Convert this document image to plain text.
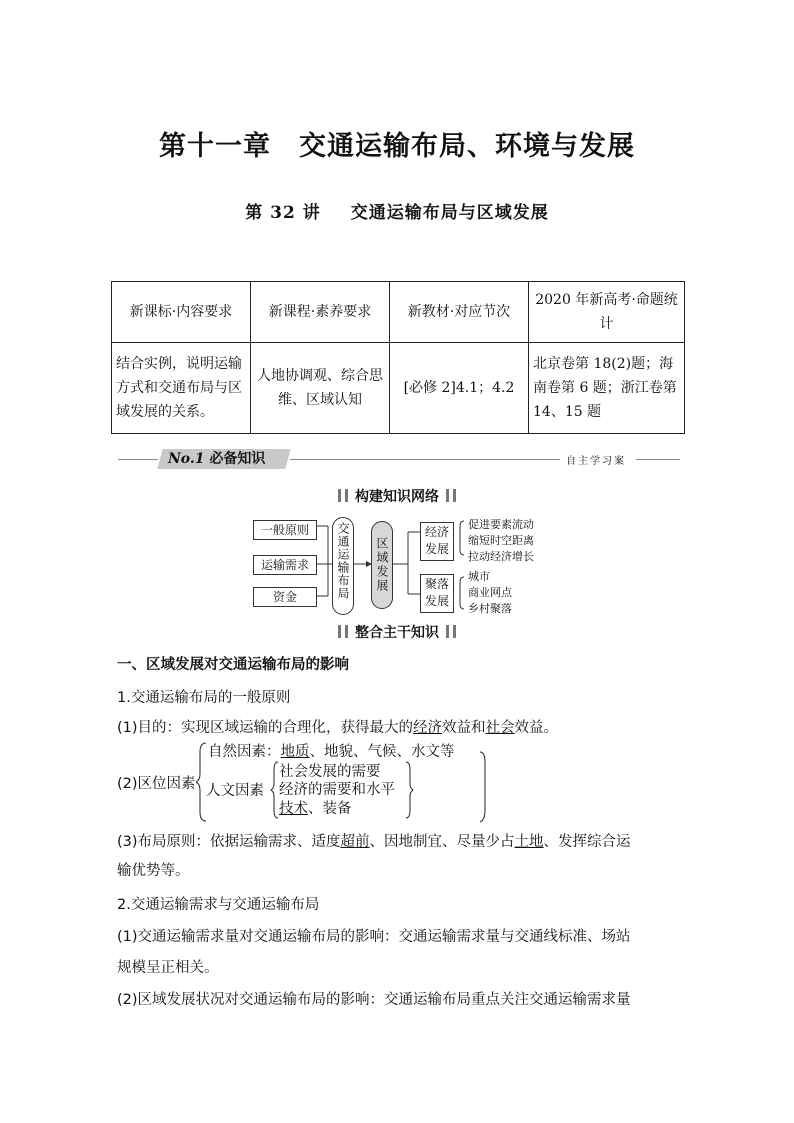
第十一章　交通运输布局、环境与发展
第 32 讲 交通运输布局与区域发展
新课标·内容要求	新课程·素养要求	新教材·对应节次	2020 年新高考·命题统计
结合实例，说明运输方式和交通布局与区域发展的关系。	人地协调观、综合思维、区域认知	[必修 2]4.1；4.2	北京卷第 18(2)题；海南卷第 6 题；浙江卷第 14、15 题
No.1 必备知识	自主学习案
构建知识网络
一般原则
运输需求
资金	交通运输布局 区域发展
经济发展
聚落发展
促进要素流动
缩短时空距离
拉动经济增长
城市
商业网点
乡村聚落
整合主干知识
一、区域发展对交通运输布局的影响
1.交通运输布局的一般原则
(1)目的：实现区域运输的合理化，获得最大的经济效益和社会效益。
(2)区位因素
自然因素：地质、地貌、气候、水文等
人文因素
社会发展的需要
经济的需要和水平
技术、装备
(3)布局原则：依据运输需求、适度超前、因地制宜、尽量少占土地、发挥综合运
输优势等。
2.交通运输需求与交通运输布局
(1)交通运输需求量对交通运输布局的影响：交通运输需求量与交通线标准、场站
规模呈正相关。
(2)区域发展状况对交通运输布局的影响：交通运输布局重点关注交通运输需求量
